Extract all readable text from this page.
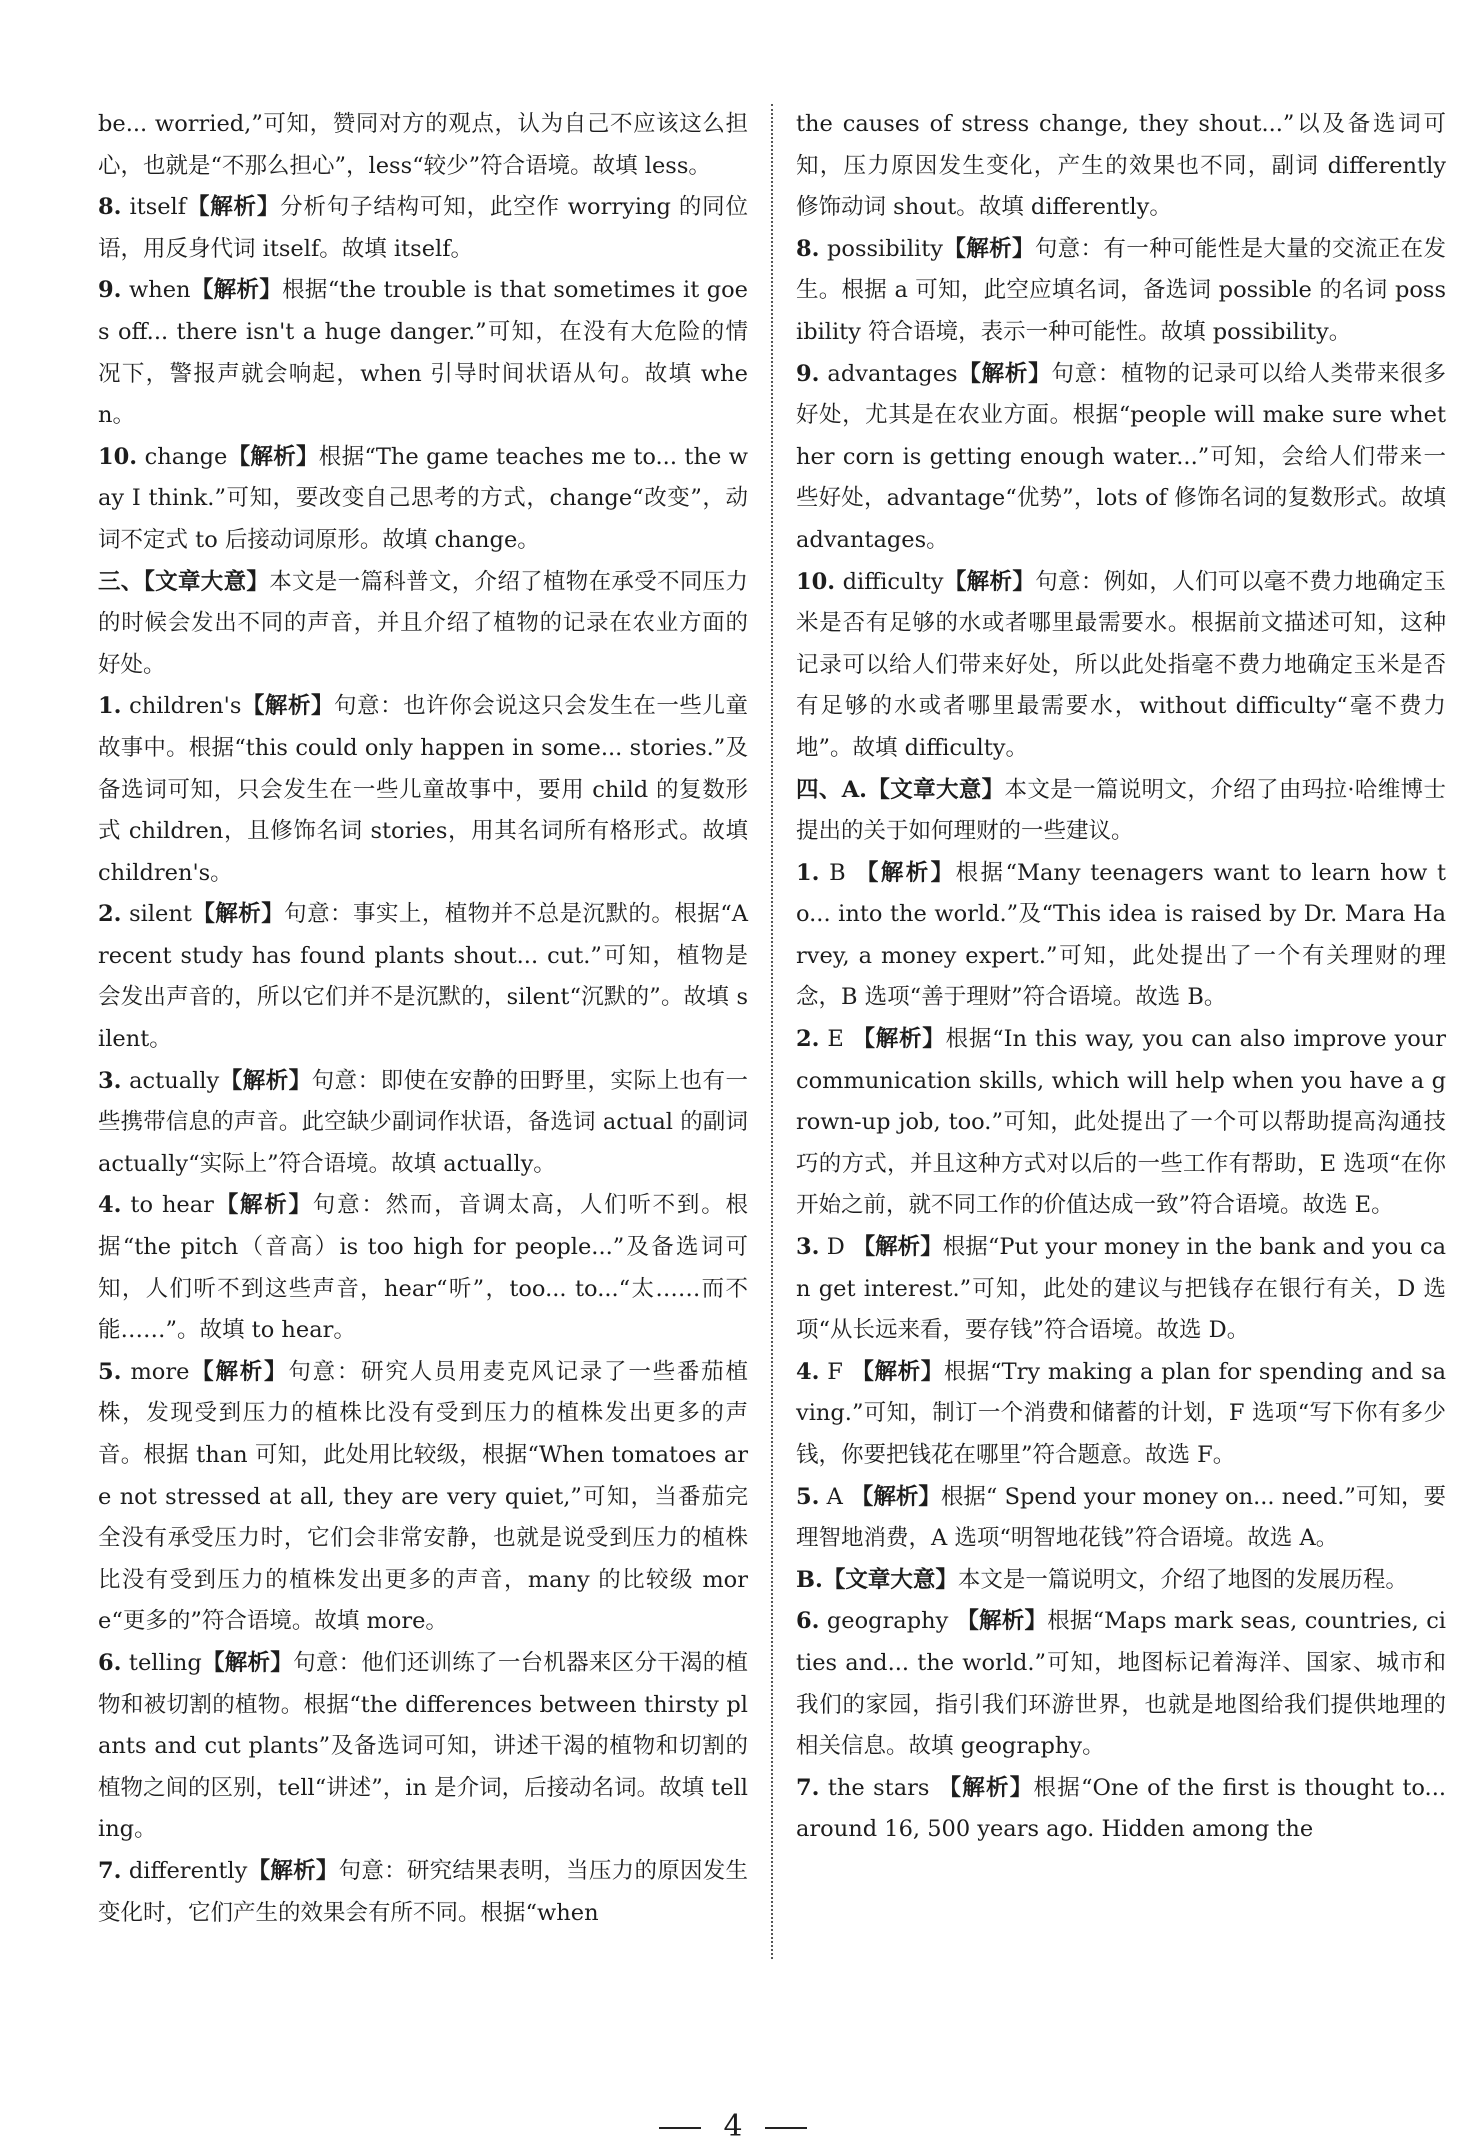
be... worried,”可知，赞同对方的观点，认为自己不应该这么担心，也就是“不那么担心”，less“较少”符合语境。故填 less。

8. itself【解析】分析句子结构可知，此空作 worrying 的同位语，用反身代词 itself。故填 itself。

9. when【解析】根据“the trouble is that sometimes it goes off... there isn't a huge danger.”可知，在没有大危险的情况下，警报声就会响起，when 引导时间状语从句。故填 when。

10. change【解析】根据“The game teaches me to... the way I think.”可知，要改变自己思考的方式，change“改变”，动词不定式 to 后接动词原形。故填 change。

三、【文章大意】本文是一篇科普文，介绍了植物在承受不同压力的时候会发出不同的声音，并且介绍了植物的记录在农业方面的好处。

1. children's【解析】句意：也许你会说这只会发生在一些儿童故事中。根据“this could only happen in some... stories.”及备选词可知，只会发生在一些儿童故事中，要用 child 的复数形式 children，且修饰名词 stories，用其名词所有格形式。故填 children's。

2. silent【解析】句意：事实上，植物并不总是沉默的。根据“A recent study has found plants shout... cut.”可知，植物是会发出声音的，所以它们并不是沉默的，silent“沉默的”。故填 silent。

3. actually【解析】句意：即使在安静的田野里，实际上也有一些携带信息的声音。此空缺少副词作状语，备选词 actual 的副词 actually“实际上”符合语境。故填 actually。

4. to hear【解析】句意：然而，音调太高，人们听不到。根据“the pitch（音高）is too high for people...”及备选词可知，人们听不到这些声音，hear“听”，too... to...“太……而不能……”。故填 to hear。

5. more【解析】句意：研究人员用麦克风记录了一些番茄植株，发现受到压力的植株比没有受到压力的植株发出更多的声音。根据 than 可知，此处用比较级，根据“When tomatoes are not stressed at all, they are very quiet,”可知，当番茄完全没有承受压力时，它们会非常安静，也就是说受到压力的植株比没有受到压力的植株发出更多的声音，many 的比较级 more“更多的”符合语境。故填 more。

6. telling【解析】句意：他们还训练了一台机器来区分干渴的植物和被切割的植物。根据“the differences between thirsty plants and cut plants”及备选词可知，讲述干渴的植物和切割的植物之间的区别，tell“讲述”，in 是介词，后接动名词。故填 telling。

7. differently【解析】句意：研究结果表明，当压力的原因发生变化时，它们产生的效果会有所不同。根据“when

the causes of stress change, they shout...”以及备选词可知，压力原因发生变化，产生的效果也不同，副词 differently 修饰动词 shout。故填 differently。

8. possibility【解析】句意：有一种可能性是大量的交流正在发生。根据 a 可知，此空应填名词，备选词 possible 的名词 possibility 符合语境，表示一种可能性。故填 possibility。

9. advantages【解析】句意：植物的记录可以给人类带来很多好处，尤其是在农业方面。根据“people will make sure whether corn is getting enough water...”可知，会给人们带来一些好处，advantage“优势”，lots of 修饰名词的复数形式。故填 advantages。

10. difficulty【解析】句意：例如，人们可以毫不费力地确定玉米是否有足够的水或者哪里最需要水。根据前文描述可知，这种记录可以给人们带来好处，所以此处指毫不费力地确定玉米是否有足够的水或者哪里最需要水，without difficulty“毫不费力地”。故填 difficulty。

四、A.【文章大意】本文是一篇说明文，介绍了由玛拉·哈维博士提出的关于如何理财的一些建议。

1. B 【解析】根据“Many teenagers want to learn how to... into the world.”及“This idea is raised by Dr. Mara Harvey, a money expert.”可知，此处提出了一个有关理财的理念，B 选项“善于理财”符合语境。故选 B。

2. E 【解析】根据“In this way, you can also improve your communication skills, which will help when you have a grown-up job, too.”可知，此处提出了一个可以帮助提高沟通技巧的方式，并且这种方式对以后的一些工作有帮助，E 选项“在你开始之前，就不同工作的价值达成一致”符合语境。故选 E。

3. D 【解析】根据“Put your money in the bank and you can get interest.”可知，此处的建议与把钱存在银行有关，D 选项“从长远来看，要存钱”符合语境。故选 D。

4. F 【解析】根据“Try making a plan for spending and saving.”可知，制订一个消费和储蓄的计划，F 选项“写下你有多少钱，你要把钱花在哪里”符合题意。故选 F。

5. A 【解析】根据“ Spend your money on... need.”可知，要理智地消费，A 选项“明智地花钱”符合语境。故选 A。

B.【文章大意】本文是一篇说明文，介绍了地图的发展历程。

6. geography 【解析】根据“Maps mark seas, countries, cities and... the world.”可知，地图标记着海洋、国家、城市和我们的家园，指引我们环游世界，也就是地图给我们提供地理的相关信息。故填 geography。

7. the stars 【解析】根据“One of the first is thought to... around 16, 500 years ago. Hidden among the

4
